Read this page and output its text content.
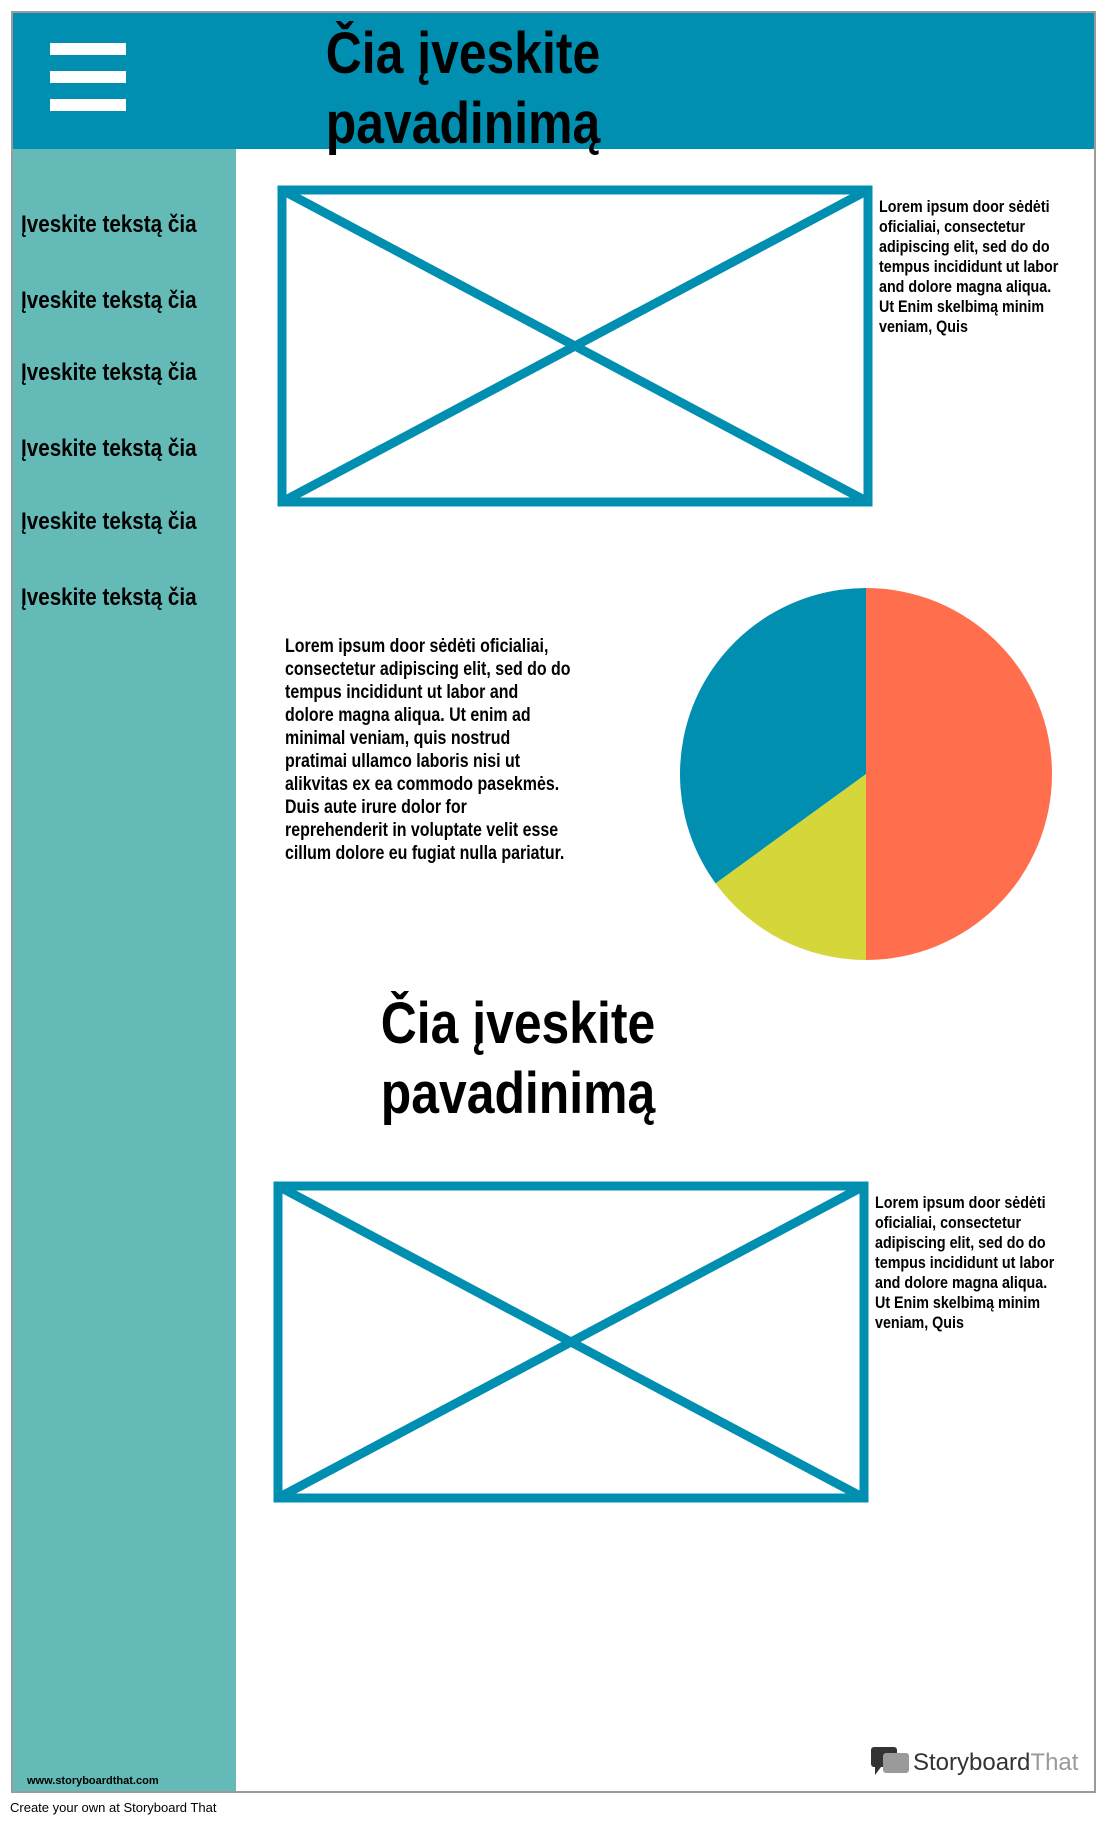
Čia įveskite pavadinimą
Įveskite tekstą čia
Įveskite tekstą čia
Įveskite tekstą čia
Įveskite tekstą čia
Įveskite tekstą čia
Įveskite tekstą čia
www.storyboardthat.com

Lorem ipsum door sėdėti oficialiai, consectetur adipiscing elit, sed do do tempus incididunt ut labor and dolore magna aliqua. Ut Enim skelbimą minim veniam, Quis

Lorem ipsum door sėdėti oficialiai, consectetur adipiscing elit, sed do do tempus incididunt ut labor and dolore magna aliqua. Ut enim ad minimal veniam, quis nostrud pratimai ullamco laboris nisi ut alikvitas ex ea commodo pasekmės. Duis aute irure dolor for reprehenderit in voluptate velit esse cillum dolore eu fugiat nulla pariatur.

Čia įveskite pavadinimą

Lorem ipsum door sėdėti oficialiai, consectetur adipiscing elit, sed do do tempus incididunt ut labor and dolore magna aliqua. Ut Enim skelbimą minim veniam, Quis

StoryboardThat
Create your own at Storyboard That
